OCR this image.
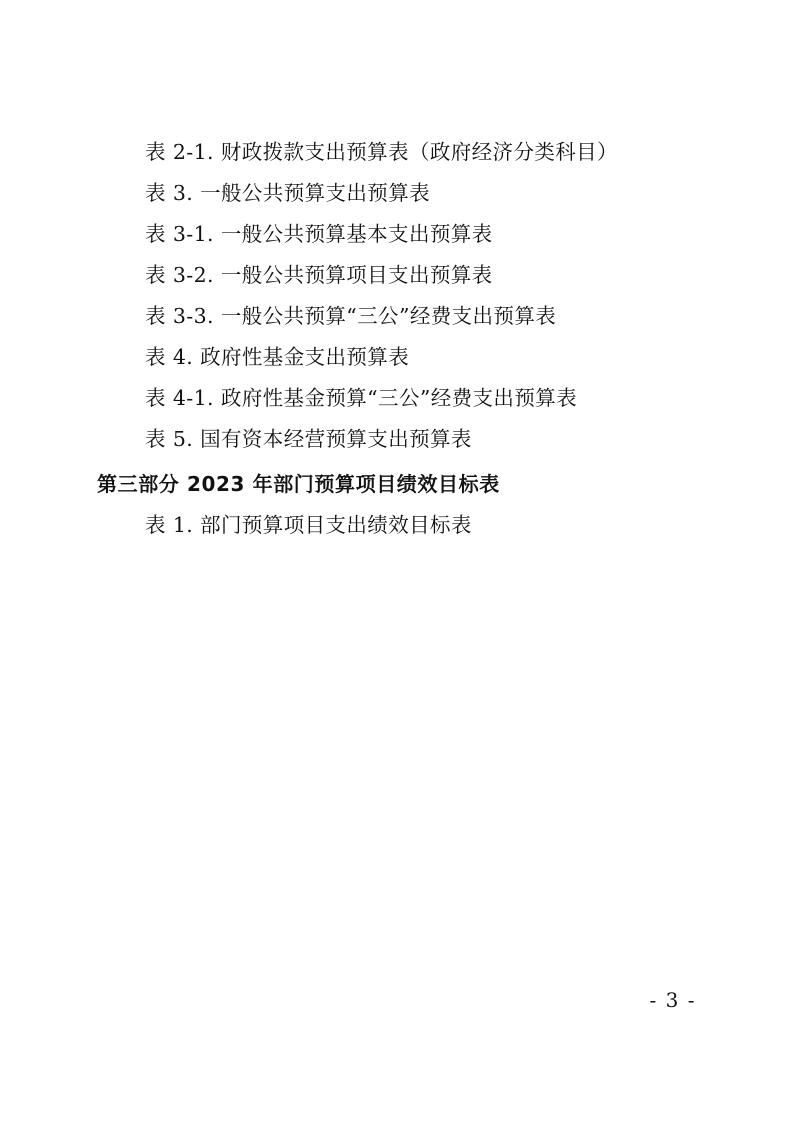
表 2-1. 财政拨款支出预算表（政府经济分类科目）
表 3. 一般公共预算支出预算表
表 3-1. 一般公共预算基本支出预算表
表 3-2. 一般公共预算项目支出预算表
表 3-3. 一般公共预算“三公”经费支出预算表
表 4. 政府性基金支出预算表
表 4-1. 政府性基金预算“三公”经费支出预算表
表 5. 国有资本经营预算支出预算表
第三部分 2023 年部门预算项目绩效目标表
表 1. 部门预算项目支出绩效目标表
- 3 -
